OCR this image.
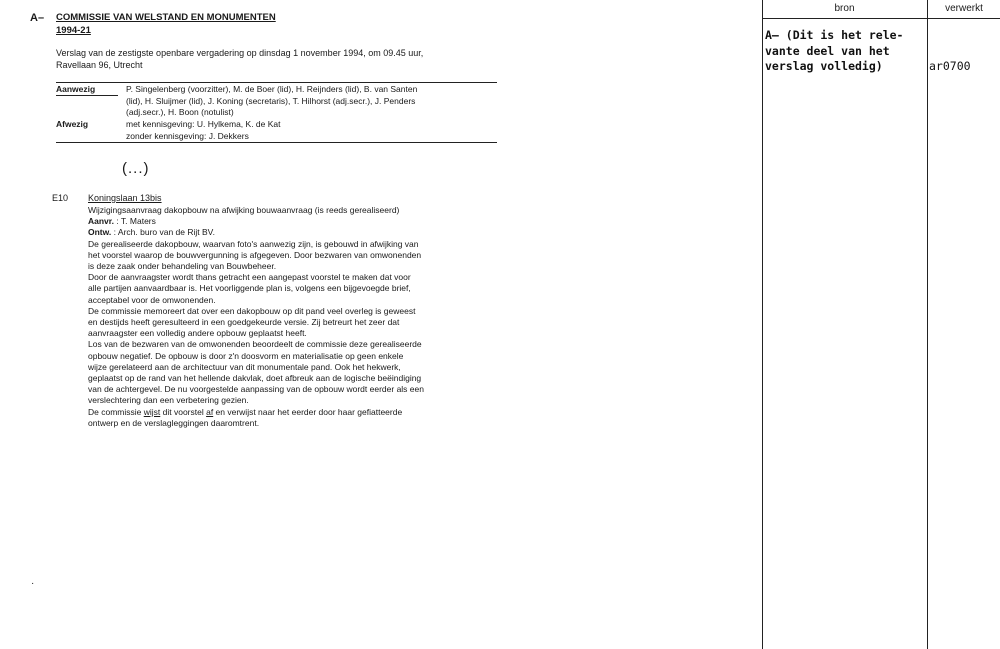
A– COMMISSIE VAN WELSTAND EN MONUMENTEN
1994-21
Verslag van de zestigste openbare vergadering op dinsdag 1 november 1994, om 09.45 uur,
Ravellaan 96, Utrecht
Aanwezig	P. Singelenberg (voorzitter), M. de Boer (lid), H. Reijnders (lid), B. van Santen
(lid), H. Sluijmer (lid), J. Koning (secretaris), T. Hilhorst (adj.secr.), J. Penders
(adj.secr.), H. Boon (notulist)
Afwezig	met kennisgeving: U. Hylkema, K. de Kat
zonder kennisgeving: J. Dekkers
(...)
E10 Koningslaan 13bis
Wijzigingsaanvraag dakopbouw na afwijking bouwaanvraag (is reeds gerealiseerd)
Aanvr. : T. Maters
Ontw. : Arch. buro van de Rijt BV.
De gerealiseerde dakopbouw, waarvan foto's aanwezig zijn, is gebouwd in afwijking van
het voorstel waarop de bouwvergunning is afgegeven. Door bezwaren van omwonenden
is deze zaak onder behandeling van Bouwbeheer.
Door de aanvraagster wordt thans getracht een aangepast voorstel te maken dat voor
alle partijen aanvaardbaar is. Het voorliggende plan is, volgens een bijgevoegde brief,
acceptabel voor de omwonenden.
De commissie memoreert dat over een dakopbouw op dit pand veel overleg is geweest
en destijds heeft geresulteerd in een goedgekeurde versie. Zij betreurt het zeer dat
aanvraagster een volledig andere opbouw geplaatst heeft.
Los van de bezwaren van de omwonenden beoordeelt de commissie deze gerealiseerde
opbouw negatief. De opbouw is door z'n doosvorm en materialisatie op geen enkele
wijze gerelateerd aan de architectuur van dit monumentale pand. Ook het hekwerk,
geplaatst op de rand van het hellende dakvlak, doet afbreuk aan de logische beëindiging
van de achtergevel. De nu voorgestelde aanpassing van de opbouw wordt eerder als een
verslechtering dan een verbetering gezien.
De commissie wijst dit voorstel af en verwijst naar het eerder door haar gefiatteerde
ontwerp en de verslagleggingen daaromtrent.
·
bron	verwerkt
A– (Dit is het rele-
vante deel van het
verslag volledig)	ar0700
